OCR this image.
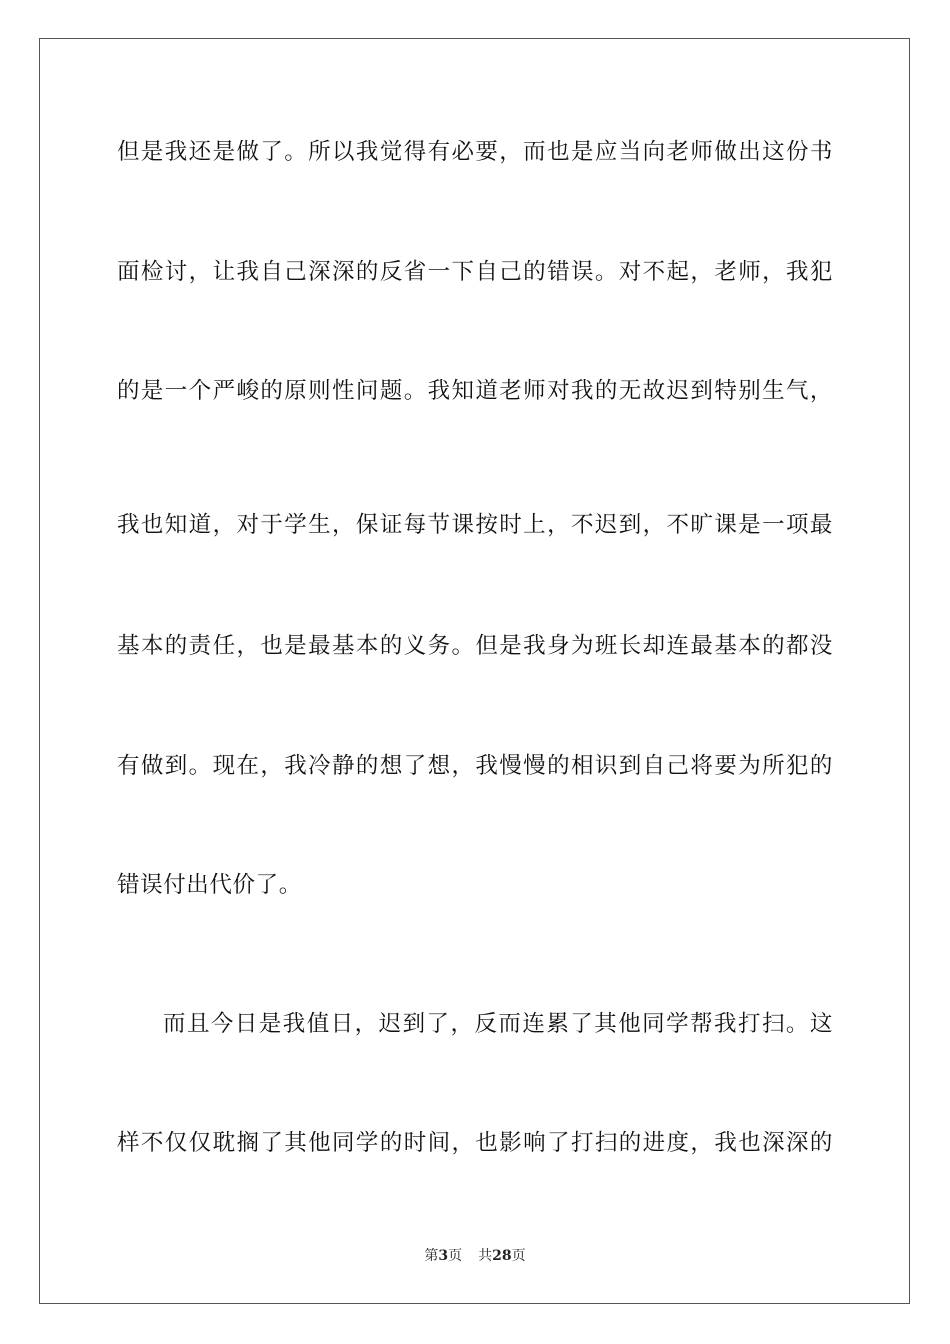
但是我还是做了。所以我觉得有必要，而也是应当向老师做出这份书
面检讨，让我自己深深的反省一下自己的错误。对不起，老师，我犯
的是一个严峻的原则性问题。我知道老师对我的无故迟到特别生气，
我也知道，对于学生，保证每节课按时上，不迟到，不旷课是一项最
基本的责任，也是最基本的义务。但是我身为班长却连最基本的都没
有做到。现在，我冷静的想了想，我慢慢的相识到自己将要为所犯的
错误付出代价了。
而且今日是我值日，迟到了，反而连累了其他同学帮我打扫。这
样不仅仅耽搁了其他同学的时间，也影响了打扫的进度，我也深深的
第3页 共28页
